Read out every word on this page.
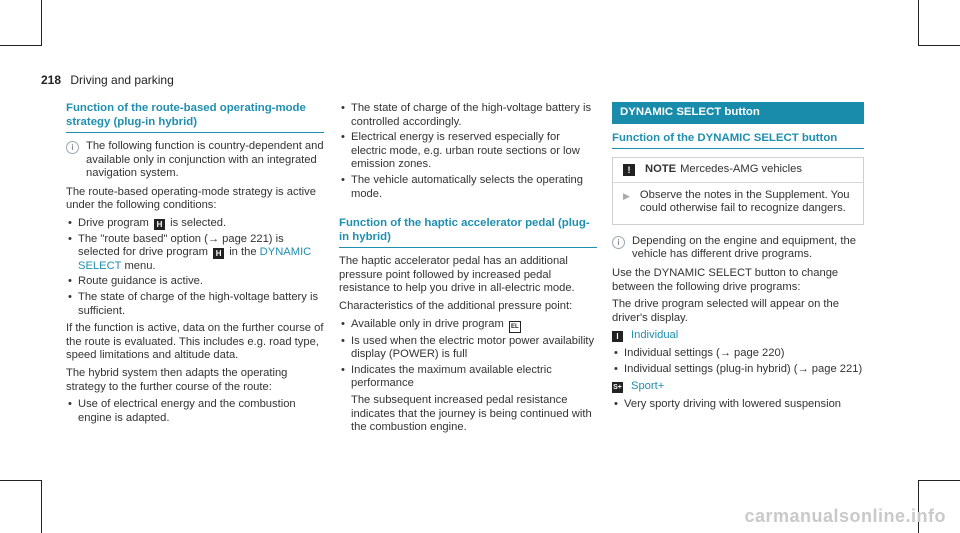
218 Driving and parking
Function of the route-based operating-mode strategy (plug-in hybrid)
i	The following function is country-dependent and available only in conjunction with an integrated navigation system.

The route-based operating-mode strategy is active under the following conditions:

• Drive program H is selected.
• The "route based" option (→ page 221) is selected for drive program H in the DYNAMIC SELECT menu.
• Route guidance is active.
• The state of charge of the high-voltage battery is sufficient.

If the function is active, data on the further course of the route is evaluated. This includes e.g. road type, speed limitations and altitude data.

The hybrid system then adapts the operating strategy to the further course of the route:

• Use of electrical energy and the combustion engine is adapted.
• The state of charge of the high-voltage battery is controlled accordingly.
• Electrical energy is reserved especially for electric mode, e.g. urban route sections or low emission zones.
• The vehicle automatically selects the operating mode.
Function of the haptic accelerator pedal (plug-in hybrid)

The haptic accelerator pedal has an additional pressure point followed by increased pedal resistance to help you drive in all-electric mode.

Characteristics of the additional pressure point:

• Available only in drive program EL
• Is used when the electric motor power availability display (POWER) is full
• Indicates the maximum available electric performance
The subsequent increased pedal resistance indicates that the journey is being continued with the combustion engine.
DYNAMIC SELECT button
Function of the DYNAMIC SELECT button
!	NOTE Mercedes-AMG vehicles
▶ Observe the notes in the Supplement. You could otherwise fail to recognize dangers.
i	Depending on the engine and equipment, the vehicle has different drive programs.

Use the DYNAMIC SELECT button to change between the following drive programs:

The drive program selected will appear on the driver's display.

I	Individual
• Individual settings (→ page 220)
• Individual settings (plug-in hybrid) (→ page 221)
S+ Sport+
• Very sporty driving with lowered suspension
carmanualsonline.info
